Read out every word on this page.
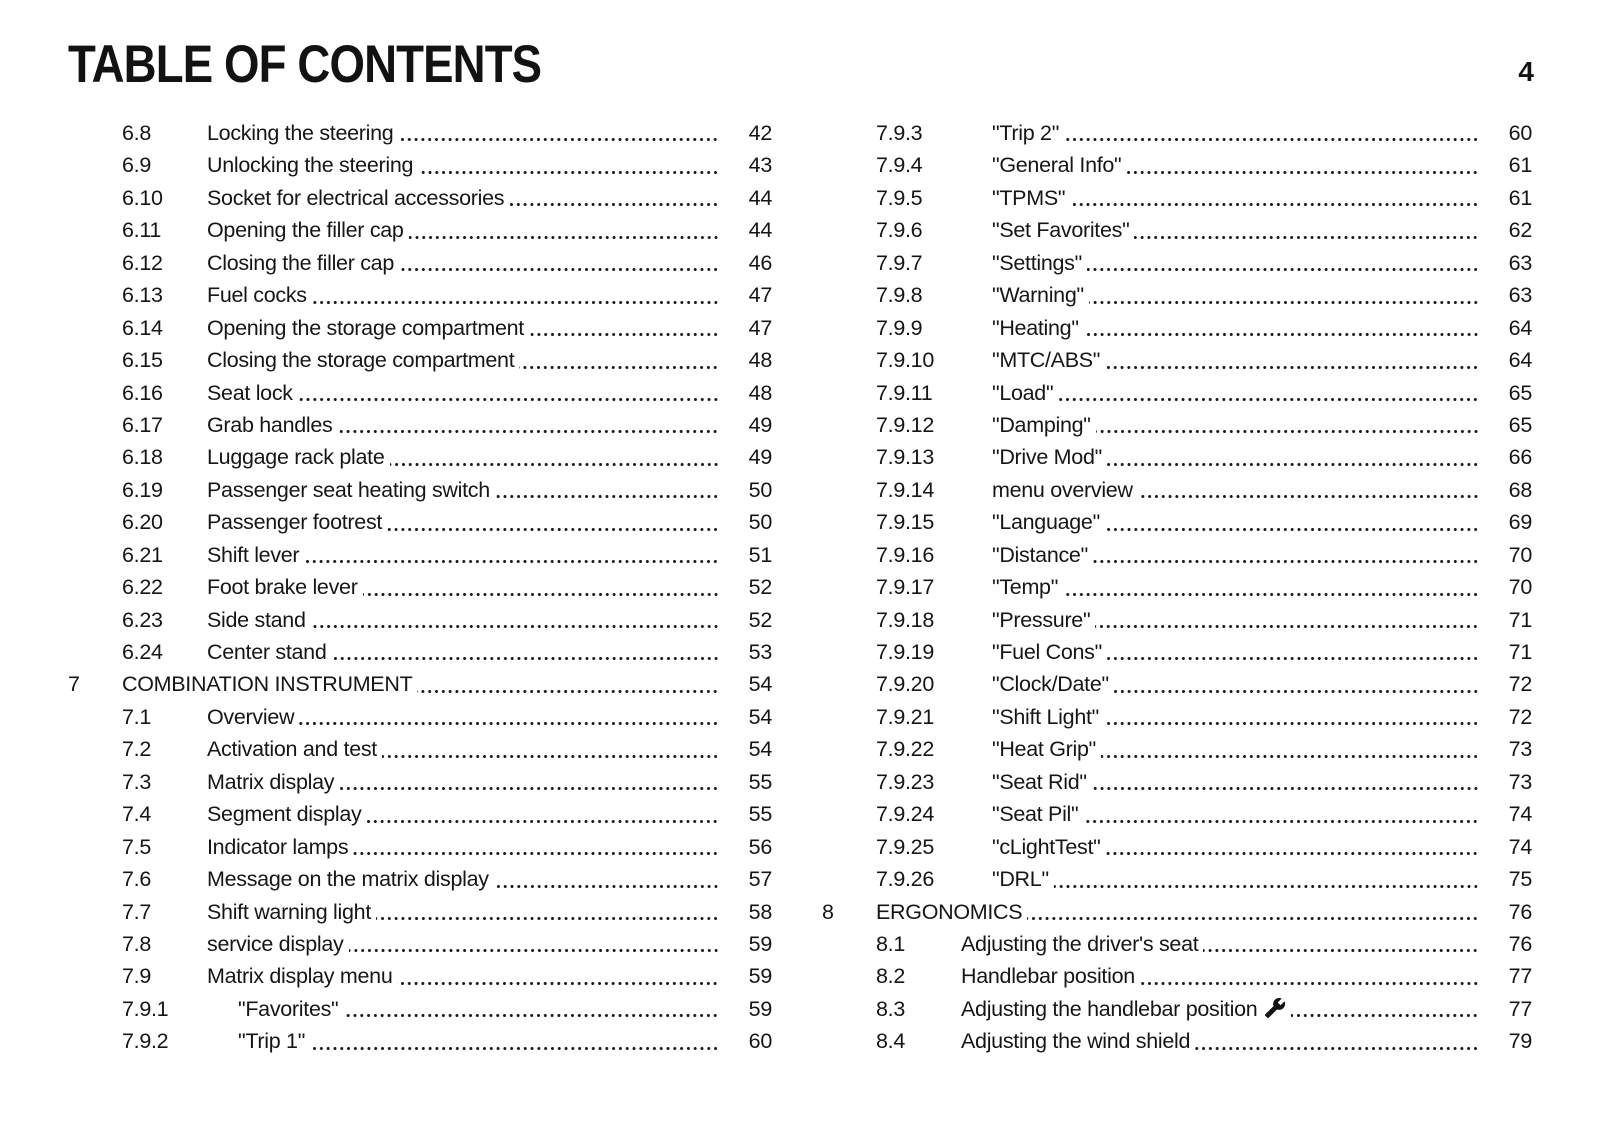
TABLE OF CONTENTS	4
6.8	Locking the steering	42
6.9	Unlocking the steering	43
6.10	Socket for electrical accessories	44
6.11	Opening the filler cap	44
6.12	Closing the filler cap	46
6.13	Fuel cocks	47
6.14	Opening the storage compartment	47
6.15	Closing the storage compartment	48
6.16	Seat lock	48
6.17	Grab handles	49
6.18	Luggage rack plate	49
6.19	Passenger seat heating switch	50
6.20	Passenger footrest	50
6.21	Shift lever	51
6.22	Foot brake lever	52
6.23	Side stand	52
6.24	Center stand	53
7	COMBINATION INSTRUMENT	54
7.1	Overview	54
7.2	Activation and test	54
7.3	Matrix display	55
7.4	Segment display	55
7.5	Indicator lamps	56
7.6	Message on the matrix display	57
7.7	Shift warning light	58
7.8	service display	59
7.9	Matrix display menu	59
7.9.1	"Favorites"	59
7.9.2	"Trip 1"	60
7.9.3	"Trip 2"	60
7.9.4	"General Info"	61
7.9.5	"TPMS"	61
7.9.6	"Set Favorites"	62
7.9.7	"Settings"	63
7.9.8	"Warning"	63
7.9.9	"Heating"	64
7.9.10	"MTC/ABS"	64
7.9.11	"Load"	65
7.9.12	"Damping"	65
7.9.13	"Drive Mod"	66
7.9.14	menu overview	68
7.9.15	"Language"	69
7.9.16	"Distance"	70
7.9.17	"Temp"	70
7.9.18	"Pressure"	71
7.9.19	"Fuel Cons"	71
7.9.20	"Clock/Date"	72
7.9.21	"Shift Light"	72
7.9.22	"Heat Grip"	73
7.9.23	"Seat Rid"	73
7.9.24	"Seat Pil"	74
7.9.25	"cLightTest"	74
7.9.26	"DRL"	75
8	ERGONOMICS	76
8.1	Adjusting the driver's seat	76
8.2	Handlebar position	77
8.3	Adjusting the handlebar position	77
8.4	Adjusting the wind shield	79
